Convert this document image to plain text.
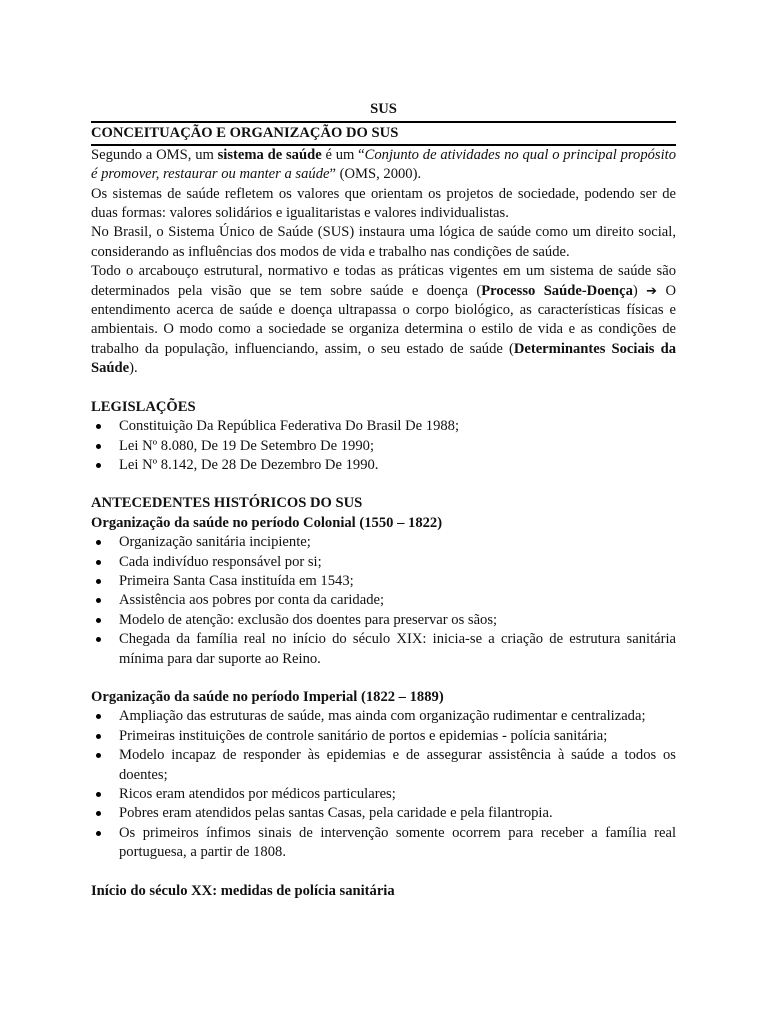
SUS

CONCEITUAÇÃO E ORGANIZAÇÃO DO SUS

Segundo a OMS, um sistema de saúde é um “Conjunto de atividades no qual o principal propósito é promover, restaurar ou manter a saúde” (OMS, 2000).

Os sistemas de saúde refletem os valores que orientam os projetos de sociedade, podendo ser de duas formas: valores solidários e igualitaristas e valores individualistas.

No Brasil, o Sistema Único de Saúde (SUS) instaura uma lógica de saúde como um direito social, considerando as influências dos modos de vida e trabalho nas condições de saúde.

Todo o arcabouço estrutural, normativo e todas as práticas vigentes em um sistema de saúde são determinados pela visão que se tem sobre saúde e doença (Processo Saúde-Doença) ➔ O entendimento acerca de saúde e doença ultrapassa o corpo biológico, as características físicas e ambientais. O modo como a sociedade se organiza determina o estilo de vida e as condições de trabalho da população, influenciando, assim, o seu estado de saúde (Determinantes Sociais da Saúde).

LEGISLAÇÕES

Constituição Da República Federativa Do Brasil De 1988;
Lei Nº 8.080, De 19 De Setembro De 1990;
Lei Nº 8.142, De 28 De Dezembro De 1990.

ANTECEDENTES HISTÓRICOS DO SUS

Organização da saúde no período Colonial (1550 – 1822)

Organização sanitária incipiente;
Cada indivíduo responsável por si;
Primeira Santa Casa instituída em 1543;
Assistência aos pobres por conta da caridade;
Modelo de atenção: exclusão dos doentes para preservar os sãos;
Chegada da família real no início do século XIX: inicia-se a criação de estrutura sanitária mínima para dar suporte ao Reino.

Organização da saúde no período Imperial (1822 – 1889)

Ampliação das estruturas de saúde, mas ainda com organização rudimentar e centralizada;
Primeiras instituições de controle sanitário de portos e epidemias - polícia sanitária;
Modelo incapaz de responder às epidemias e de assegurar assistência à saúde a todos os doentes;
Ricos eram atendidos por médicos particulares;
Pobres eram atendidos pelas santas Casas, pela caridade e pela filantropia.
Os primeiros ínfimos sinais de intervenção somente ocorrem para receber a família real portuguesa, a partir de 1808.

Início do século XX: medidas de polícia sanitária
